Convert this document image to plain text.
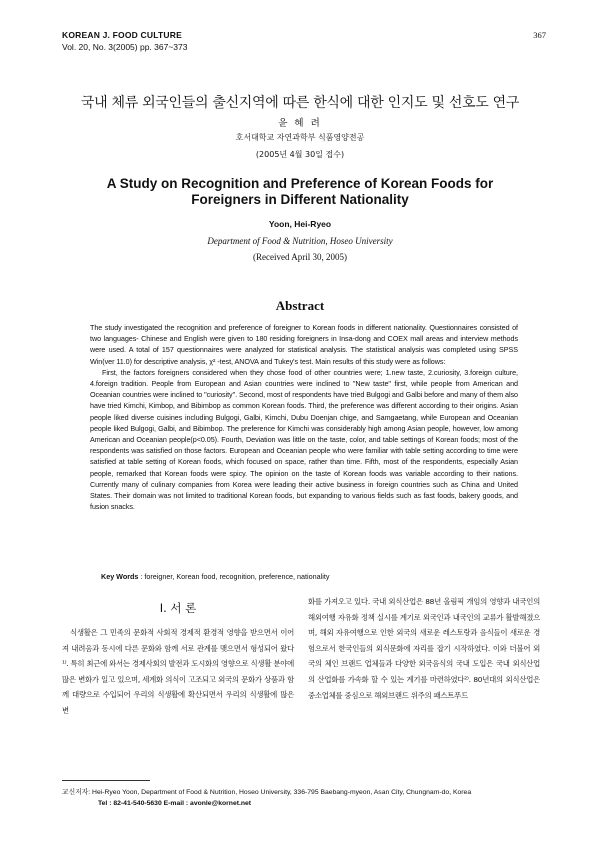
KOREAN J. FOOD CULTURE
Vol. 20, No. 3(2005) pp. 367~373
367
국내 체류 외국인들의 출신지역에 따른 한식에 대한 인지도 및 선호도 연구
윤 혜 려
호서대학교 자연과학부 식품영양전공
(2005년 4월 30일 접수)
A Study on Recognition and Preference of Korean Foods for Foreigners in Different Nationality
Yoon, Hei-Ryeo
Department of Food & Nutrition, Hoseo University
(Received April 30, 2005)
Abstract

The study investigated the recognition and preference of foreigner to Korean foods in different nationality. Questionnaires consisted of two languages- Chinese and English were given to 180 residing foreigners in Insa-dong and COEX mall areas and interview methods were used. A total of 157 questionnaires were analyzed for statistical analysis. The statistical analysis was completed using SPSS Win(ver 11.0) for descriptive analysis, χ² -test, ANOVA and Tukey's test. Main results of this study were as follows:

First, the factors foreigners considered when they chose food of other countries were; 1.new taste, 2.curiosity, 3.foreign culture, 4.foreign tradition. People from European and Asian countries were inclined to "New taste" first, while people from American and Oceanian countries were inclined to "curiosity". Second, most of respondents have tried Bulgogi and Galbi before and many of them also have tried Kimchi, Kimbop, and Bibimbop as common Korean foods. Third, the preference was different according to their origins. Asian people liked diverse cuisines including Bulgogi, Galbi, Kimchi, Dubu Doenjan chige, and Samgaetang, while European and Oceanian people liked Bulgogi, Galbi, and Bibimbop. The preference for Kimchi was considerably high among Asian people, however, low among American and Oceanian people(p<0.05). Fourth, Deviation was little on the taste, color, and table settings of Korean foods; most of the respondents was satisfied on those factors. European and Oceanian people who were familiar with table setting according to time were satisfied at table setting of Korean foods, which focused on space, rather than time. Fifth, most of the respondents, especially Asian people, remarked that Korean foods were spicy. The opinion on the taste of Korean foods was variable according to their nations. Currently many of culinary companies from Korea were leading their active business in foreign countries such as China and United States. Their domain was not limited to traditional Korean foods, but expanding to various fields such as fast foods, bakery goods, and fusion snacks.

Key Words : foreigner, Korean food, recognition, preference, nationality
I. 서 론

식생활은 그 민족의 문화적 사회적 경제적 환경적 영향을 받으면서 이어져 내려옴과 동시에 다른 문화와 함께 서로 관계를 맺으면서 형성되어 왔다¹⁾. 특히 최근에 와서는 경제사회의 발전과 도시화의 영향으로 식생활 분야에 많은 변화가 일고 있으며, 세계화 의식이 고조되고 외국의 문화가 상품과 함께 대량으로 수입되어 우리의 식생활에 확산되면서 우리의 식생활에 많은 변

화를 가져오고 있다. 국내 외식산업은 88년 올림픽 개임의 영향과 내국인의 해외여행 자유화 정책 실시를 계기로 외국인과 내국인의 교류가 활발해졌으며, 해외 자유여행으로 인한 외국의 새로운 레스토랑과 음식들이 새로운 경험으로서 한국인들의 외식문화에 자리를 잡기 시작하였다. 이와 더불어 외국의 체인 브랜드 업체들과 다양한 외국음식의 국내 도입은 국내 외식산업의 산업화를 가속화 할 수 있는 계기를 마련하였다²⁾. 80년대의 외식산업은 중소업체를 중심으로 해외브랜드 위주의 패스트푸드

교신저자: Hei-Ryeo Yoon, Department of Food & Nutrition, Hoseo University, 336-795 Baebang-myeon, Asan City, Chungnam-do, Korea
Tel : 82-41-540-5630 E-mail : avonle@kornet.net
